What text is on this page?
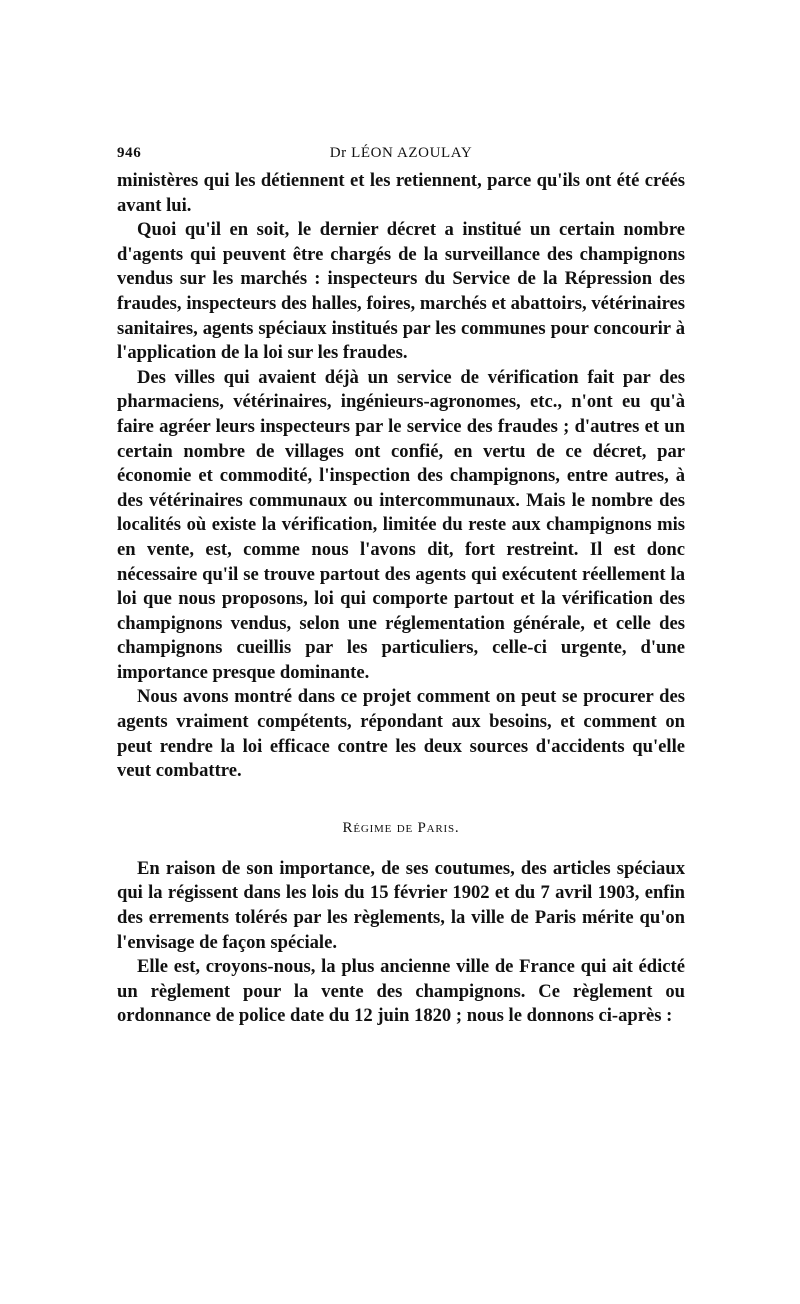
946	Dr LÉON AZOULAY

ministères qui les détiennent et les retiennent, parce qu'ils ont été créés avant lui.

Quoi qu'il en soit, le dernier décret a institué un certain nombre d'agents qui peuvent être chargés de la surveillance des champignons vendus sur les marchés : inspecteurs du Service de la Répression des fraudes, inspecteurs des halles, foires, marchés et abattoirs, vétérinaires sanitaires, agents spéciaux institués par les communes pour concourir à l'application de la loi sur les fraudes.

Des villes qui avaient déjà un service de vérification fait par des pharmaciens, vétérinaires, ingénieurs-agronomes, etc., n'ont eu qu'à faire agréer leurs inspecteurs par le service des fraudes ; d'autres et un certain nombre de villages ont confié, en vertu de ce décret, par économie et commodité, l'inspection des champignons, entre autres, à des vétérinaires communaux ou intercommunaux. Mais le nombre des localités où existe la vérification, limitée du reste aux champignons mis en vente, est, comme nous l'avons dit, fort restreint. Il est donc nécessaire qu'il se trouve partout des agents qui exécutent réellement la loi que nous proposons, loi qui comporte partout et la vérification des champignons vendus, selon une réglementation générale, et celle des champignons cueillis par les particuliers, celle-ci urgente, d'une importance presque dominante.

Nous avons montré dans ce projet comment on peut se procurer des agents vraiment compétents, répondant aux besoins, et comment on peut rendre la loi efficace contre les deux sources d'accidents qu'elle veut combattre.

Régime de Paris.

En raison de son importance, de ses coutumes, des articles spéciaux qui la régissent dans les lois du 15 février 1902 et du 7 avril 1903, enfin des errements tolérés par les règlements, la ville de Paris mérite qu'on l'envisage de façon spéciale.

Elle est, croyons-nous, la plus ancienne ville de France qui ait édicté un règlement pour la vente des champignons. Ce règlement ou ordonnance de police date du 12 juin 1820 ; nous le donnons ci-après :
